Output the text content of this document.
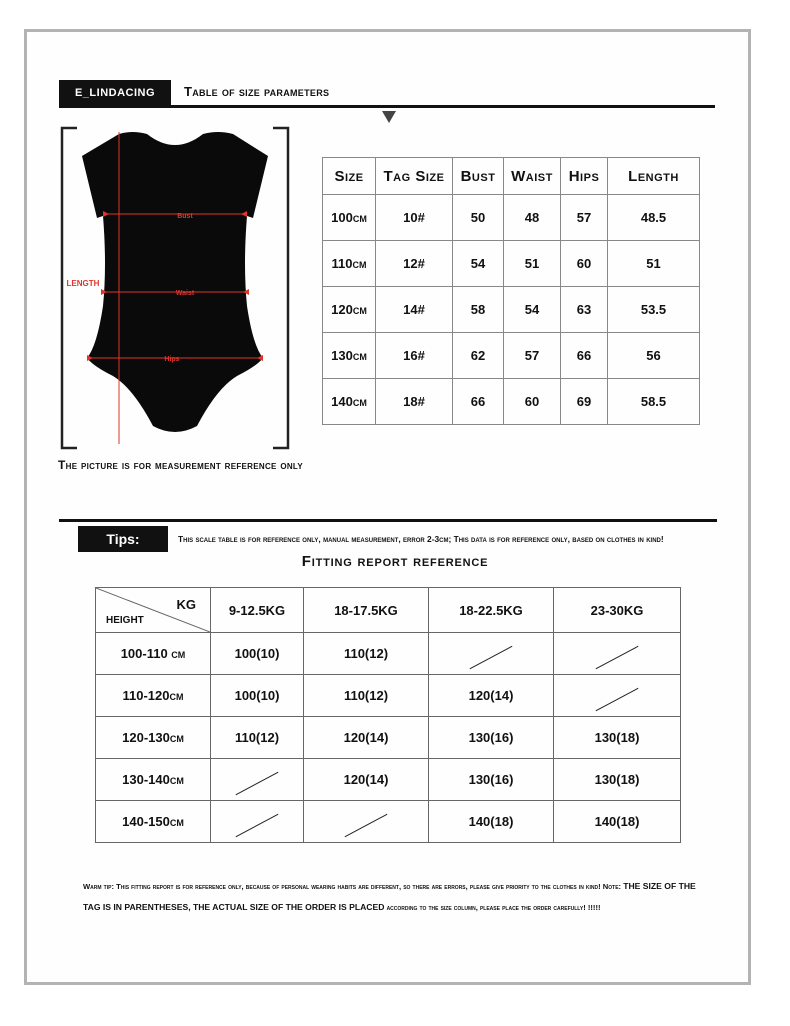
E_LINDACING	Table of size parameters
Bust
Waist
Hips
LENGTH
The picture is for measurement reference only
Size	Tag Size	Bust	Waist	Hips	Length
100cm	10#	50	48	57	48.5
110cm	12#	54	51	60	51
120cm	14#	58	54	63	53.5
130cm	16#	62	57	66	56
140cm	18#	66	60	69	58.5
Tips:	This scale table is for reference only, manual measurement, error 2-3cm; This data is for reference only, based on clothes in kind!
Fitting report reference
KG
HEIGHT	9-12.5KG	18-17.5KG	18-22.5KG	23-30KG
100-110 cm	100(10)	110(12)		
110-120cm	100(10)	110(12)	120(14)	
120-130cm	110(12)	120(14)	130(16)	130(18)
130-140cm		120(14)	130(16)	130(18)
140-150cm			140(18)	140(18)
Warm tip: This fitting report is for reference only, because of personal wearing habits are different, so there are errors, please give priority to the clothes in kind! Note: THE SIZE OF THE TAG IS IN PARENTHESES, THE ACTUAL SIZE OF THE ORDER IS PLACED according to the size column, please place the order carefully! !!!!!
